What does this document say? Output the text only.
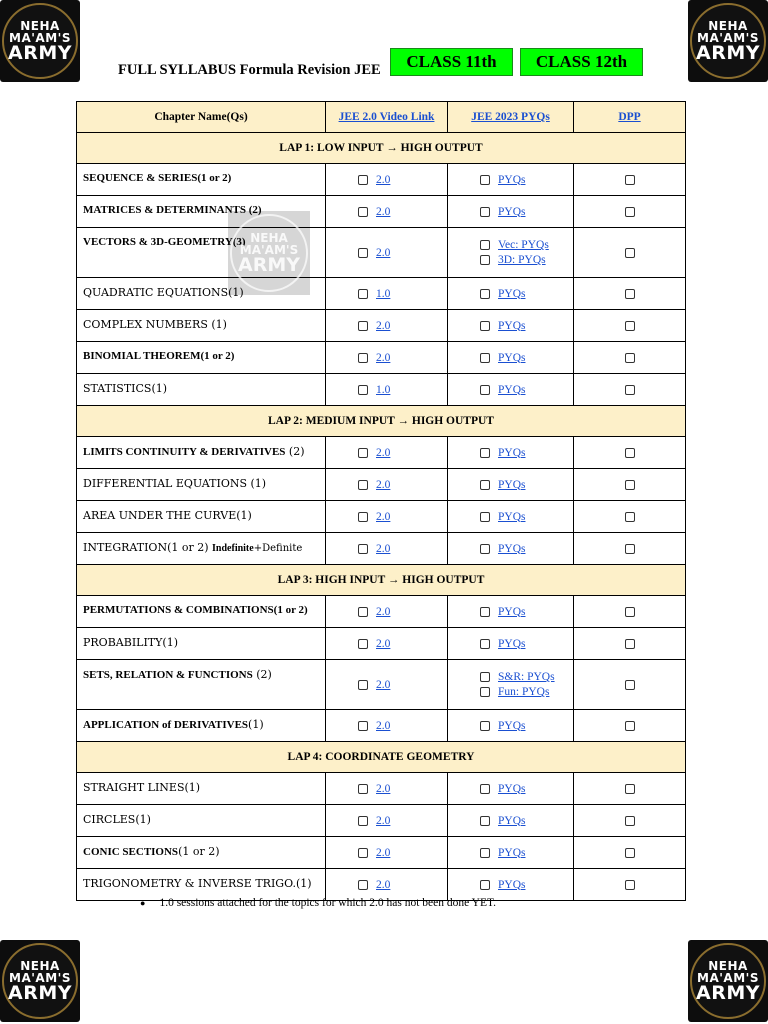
NEHA
MA'AM'S
ARMY
NEHA
MA'AM'S
ARMY
NEHA
MA'AM'S
ARMY
NEHA
MA'AM'S
ARMY
FULL SYLLABUS Formula Revision JEE	CLASS 11th	CLASS 12th
Chapter Name(Qs)	JEE 2.0 Video Link	JEE 2023 PYQs	DPP
LAP 1: LOW INPUT → HIGH OUTPUT			

SEQUENCE & SERIES(1 or 2)	2.0	PYQs	

MATRICES & DETERMINANTS (2)	2.0	PYQs	

VECTORS & 3D-GEOMETRY(3)	2.0	Vec: PYQs
3D: PYQs	

QUADRATIC EQUATIONS(1)	1.0	PYQs	

COMPLEX NUMBERS (1)	2.0	PYQs	

BINOMIAL THEOREM(1 or 2)	2.0	PYQs	

STATISTICS(1)	1.0	PYQs	

LAP 2: MEDIUM INPUT → HIGH OUTPUT			

LIMITS CONTINUITY & DERIVATIVES (2)	2.0	PYQs	

DIFFERENTIAL EQUATIONS (1)	2.0	PYQs	

AREA UNDER THE CURVE(1)	2.0	PYQs	

INTEGRATION(1 or 2) Indefinite+Definite	2.0	PYQs	

LAP 3: HIGH INPUT → HIGH OUTPUT			

PERMUTATIONS & COMBINATIONS(1 or 2)	2.0	PYQs	

PROBABILITY(1)	2.0	PYQs	

SETS, RELATION & FUNCTIONS (2)	2.0	S&R: PYQs
Fun: PYQs	

APPLICATION of DERIVATIVES(1)	2.0	PYQs	

LAP 4: COORDINATE GEOMETRY			

STRAIGHT LINES(1)	2.0	PYQs	

CIRCLES(1)	2.0	PYQs	

CONIC SECTIONS(1 or 2)	2.0	PYQs	

TRIGONOMETRY & INVERSE TRIGO.(1)	2.0	PYQs	

NEHA
MA'AM'S
ARMY
● 1.0 sessions attached for the topics for which 2.0 has not been done YET.
